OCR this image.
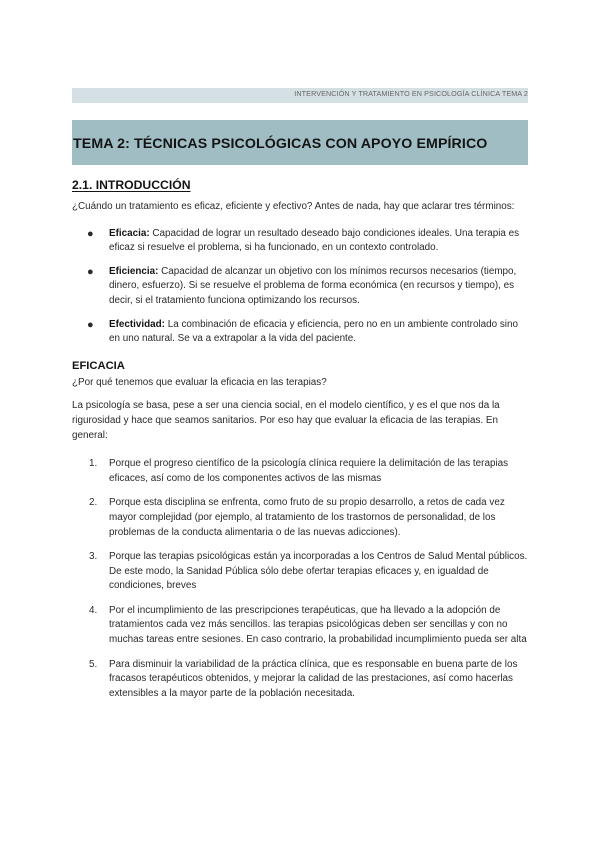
INTERVENCIÓN Y TRATAMIENTO EN PSICOLOGÍA CLÍNICA TEMA 2
TEMA 2: TÉCNICAS PSICOLÓGICAS CON APOYO EMPÍRICO
2.1. INTRODUCCIÓN

¿Cuándo un tratamiento es eficaz, eficiente y efectivo? Antes de nada, hay que aclarar tres términos:

● Eficacia: Capacidad de lograr un resultado deseado bajo condiciones ideales. Una terapia es eficaz si resuelve el problema, si ha funcionado, en un contexto controlado.
● Eficiencia: Capacidad de alcanzar un objetivo con los mínimos recursos necesarios (tiempo, dinero, esfuerzo). Si se resuelve el problema de forma económica (en recursos y tiempo), es decir, si el tratamiento funciona optimizando los recursos.
● Efectividad: La combinación de eficacia y eficiencia, pero no en un ambiente controlado sino en uno natural. Se va a extrapolar a la vida del paciente.
EFICACIA

¿Por qué tenemos que evaluar la eficacia en las terapias?

La psicología se basa, pese a ser una ciencia social, en el modelo científico, y es el que nos da la rigurosidad y hace que seamos sanitarios. Por eso hay que evaluar la eficacia de las terapias. En general:

1. Porque el progreso científico de la psicología clínica requiere la delimitación de las terapias eficaces, así como de los componentes activos de las mismas
2. Porque esta disciplina se enfrenta, como fruto de su propio desarrollo, a retos de cada vez mayor complejidad (por ejemplo, al tratamiento de los trastornos de personalidad, de los problemas de la conducta alimentaria o de las nuevas adicciones).
3. Porque las terapias psicológicas están ya incorporadas a los Centros de Salud Mental públicos. De este modo, la Sanidad Pública sólo debe ofertar terapias eficaces y, en igualdad de condiciones, breves
4. Por el incumplimiento de las prescripciones terapéuticas, que ha llevado a la adopción de tratamientos cada vez más sencillos. las terapias psicológicas deben ser sencillas y con no muchas tareas entre sesiones. En caso contrario, la probabilidad incumplimiento pueda ser alta
5. Para disminuir la variabilidad de la práctica clínica, que es responsable en buena parte de los fracasos terapéuticos obtenidos, y mejorar la calidad de las prestaciones, así como hacerlas extensibles a la mayor parte de la población necesitada.
